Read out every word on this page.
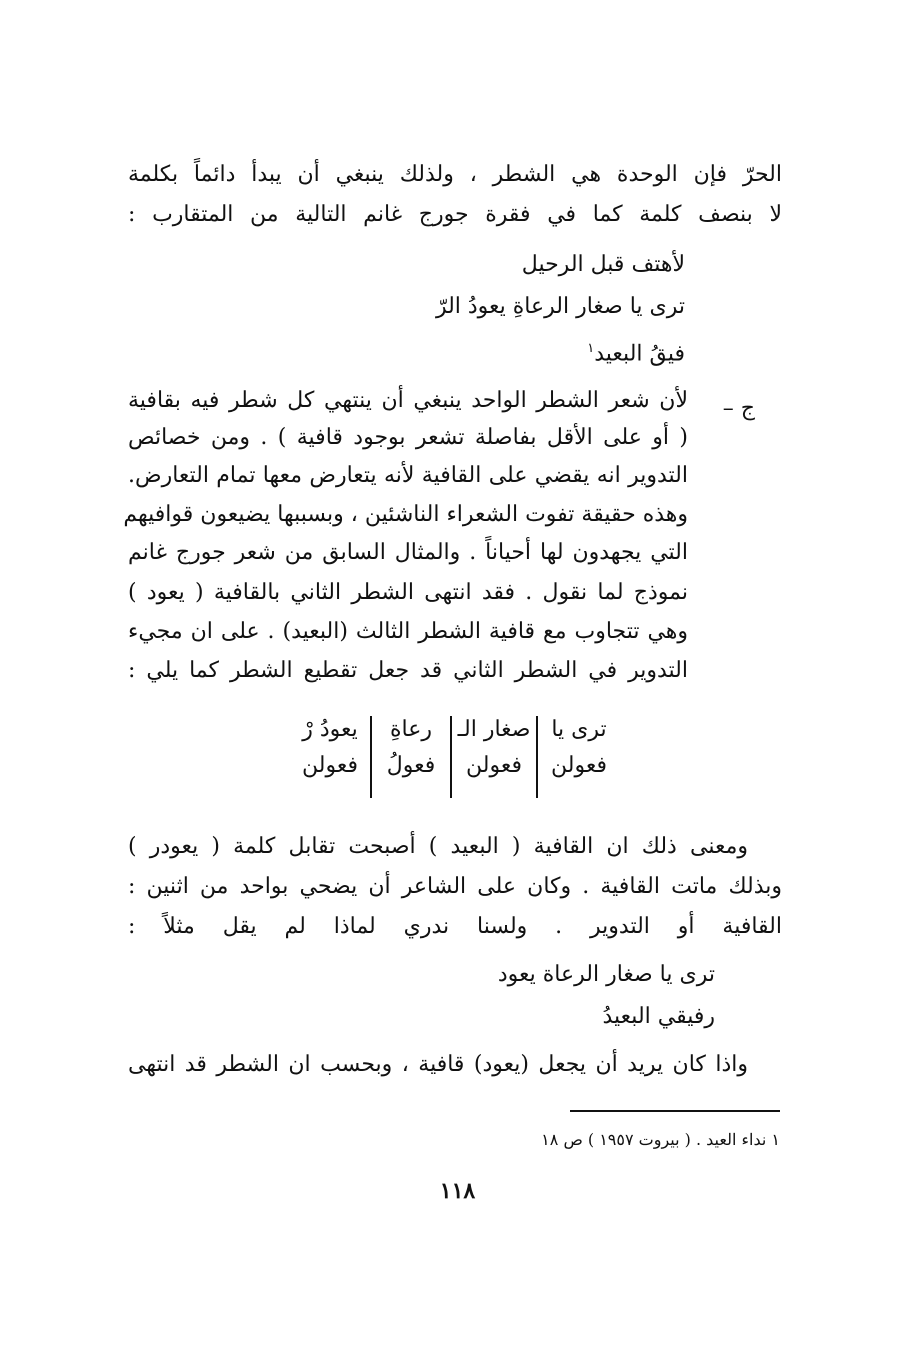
الحرّ فإن الوحدة هي الشطر ، ولذلك ينبغي أن يبدأ دائماً بكلمة
لا بنصف كلمة كما في فقرة جورج غانم التالية من المتقارب :
لأهتف قبل الرحيل
ترى يا صغار الرعاةِ يعودُ الرّ
فيقُ البعيد$^١$
ج –
لأن شعر الشطر الواحد ينبغي أن ينتهي كل شطر فيه بقافية
( أو على الأقل بفاصلة تشعر بوجود قافية ) . ومن خصائص
التدوير انه يقضي على القافية لأنه يتعارض معها تمام التعارض.
وهذه حقيقة تفوت الشعراء الناشئين ، وبسببها يضيعون قوافيهم
التي يجهدون لها أحياناً . والمثال السابق من شعر جورج غانم
نموذج لما نقول . فقد انتهى الشطر الثاني بالقافية ( يعود )
وهي تتجاوب مع قافية الشطر الثالث (البعيد) . على ان مجيء
التدوير في الشطر الثاني قد جعل تقطيع الشطر كما يلي :
ترى يا
فعولن
صغار الـ
فعولن
رعاةِ
فعولُ
يعودُ رْ
فعولن
ومعنى ذلك ان القافية ( البعيد ) أصبحت تقابل كلمة ( يعودر )
وبذلك ماتت القافية . وكان على الشاعر أن يضحي بواحد من اثنين :
القافية أو التدوير . ولسنا ندري لماذا لم يقل مثلاً :
ترى يا صغار الرعاة يعود
رفيقي البعيدُ
واذا كان يريد أن يجعل (يعود) قافية ، وبحسب ان الشطر قد انتهى
١ نداء العيد . ( بيروت ١٩٥٧ ) ص ١٨
١١٨
